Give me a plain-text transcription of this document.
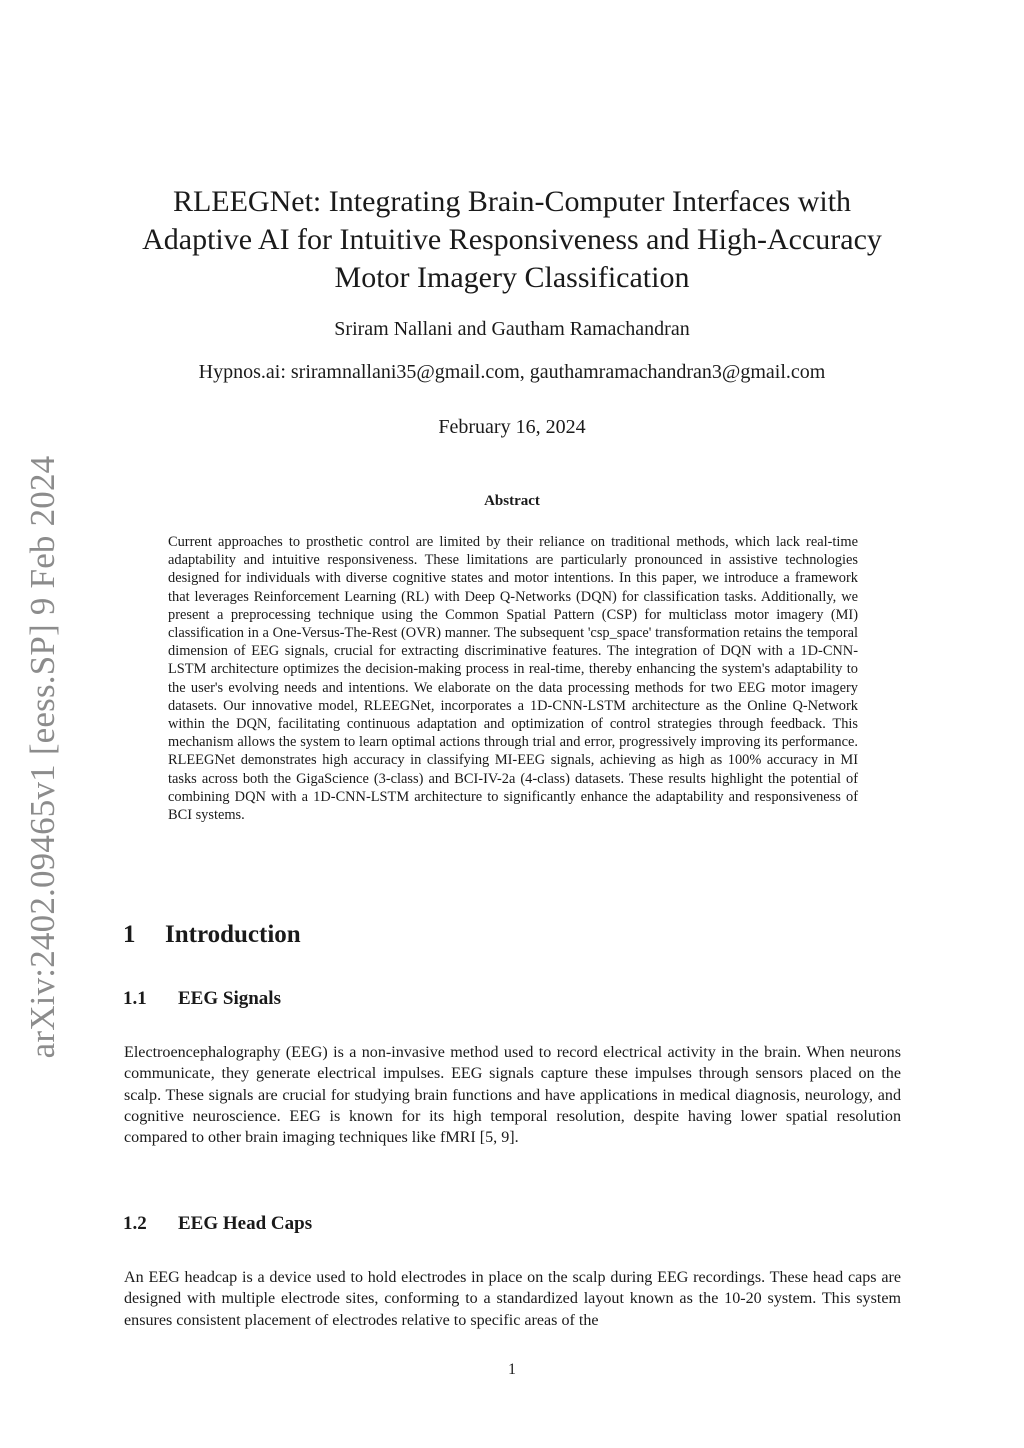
arXiv:2402.09465v1 [eess.SP] 9 Feb 2024
RLEEGNet: Integrating Brain-Computer Interfaces with
Adaptive AI for Intuitive Responsiveness and High-Accuracy
Motor Imagery Classification
Sriram Nallani and Gautham Ramachandran
Hypnos.ai: sriramnallani35@gmail.com, gauthamramachandran3@gmail.com
February 16, 2024
Abstract

Current approaches to prosthetic control are limited by their reliance on traditional methods, which lack real-time adaptability and intuitive responsiveness. These limitations are particularly pronounced in assistive technologies designed for individuals with diverse cognitive states and motor intentions. In this paper, we introduce a framework that leverages Reinforcement Learning (RL) with Deep Q-Networks (DQN) for classification tasks. Additionally, we present a preprocessing technique using the Common Spatial Pattern (CSP) for multiclass motor imagery (MI) classification in a One-Versus-The-Rest (OVR) manner. The subsequent 'csp_space' transformation retains the temporal dimension of EEG signals, crucial for extracting discriminative features. The integration of DQN with a 1D-CNN-LSTM architecture optimizes the decision-making process in real-time, thereby enhancing the system's adaptability to the user's evolving needs and intentions. We elaborate on the data processing methods for two EEG motor imagery datasets. Our innovative model, RLEEGNet, incorporates a 1D-CNN-LSTM architecture as the Online Q-Network within the DQN, facilitating continuous adaptation and optimization of control strategies through feedback. This mechanism allows the system to learn optimal actions through trial and error, progressively improving its performance. RLEEGNet demonstrates high accuracy in classifying MI-EEG signals, achieving as high as 100% accuracy in MI tasks across both the GigaScience (3-class) and BCI-IV-2a (4-class) datasets. These results highlight the potential of combining DQN with a 1D-CNN-LSTM architecture to significantly enhance the adaptability and responsiveness of BCI systems.

1 Introduction
1.1 EEG Signals

Electroencephalography (EEG) is a non-invasive method used to record electrical activity in the brain. When neurons communicate, they generate electrical impulses. EEG signals capture these impulses through sensors placed on the scalp. These signals are crucial for studying brain functions and have applications in medical diagnosis, neurology, and cognitive neuroscience. EEG is known for its high temporal resolution, despite having lower spatial resolution compared to other brain imaging techniques like fMRI [5, 9].

1.2 EEG Head Caps

An EEG headcap is a device used to hold electrodes in place on the scalp during EEG recordings. These head caps are designed with multiple electrode sites, conforming to a standardized layout known as the 10-20 system. This system ensures consistent placement of electrodes relative to specific areas of the

1
